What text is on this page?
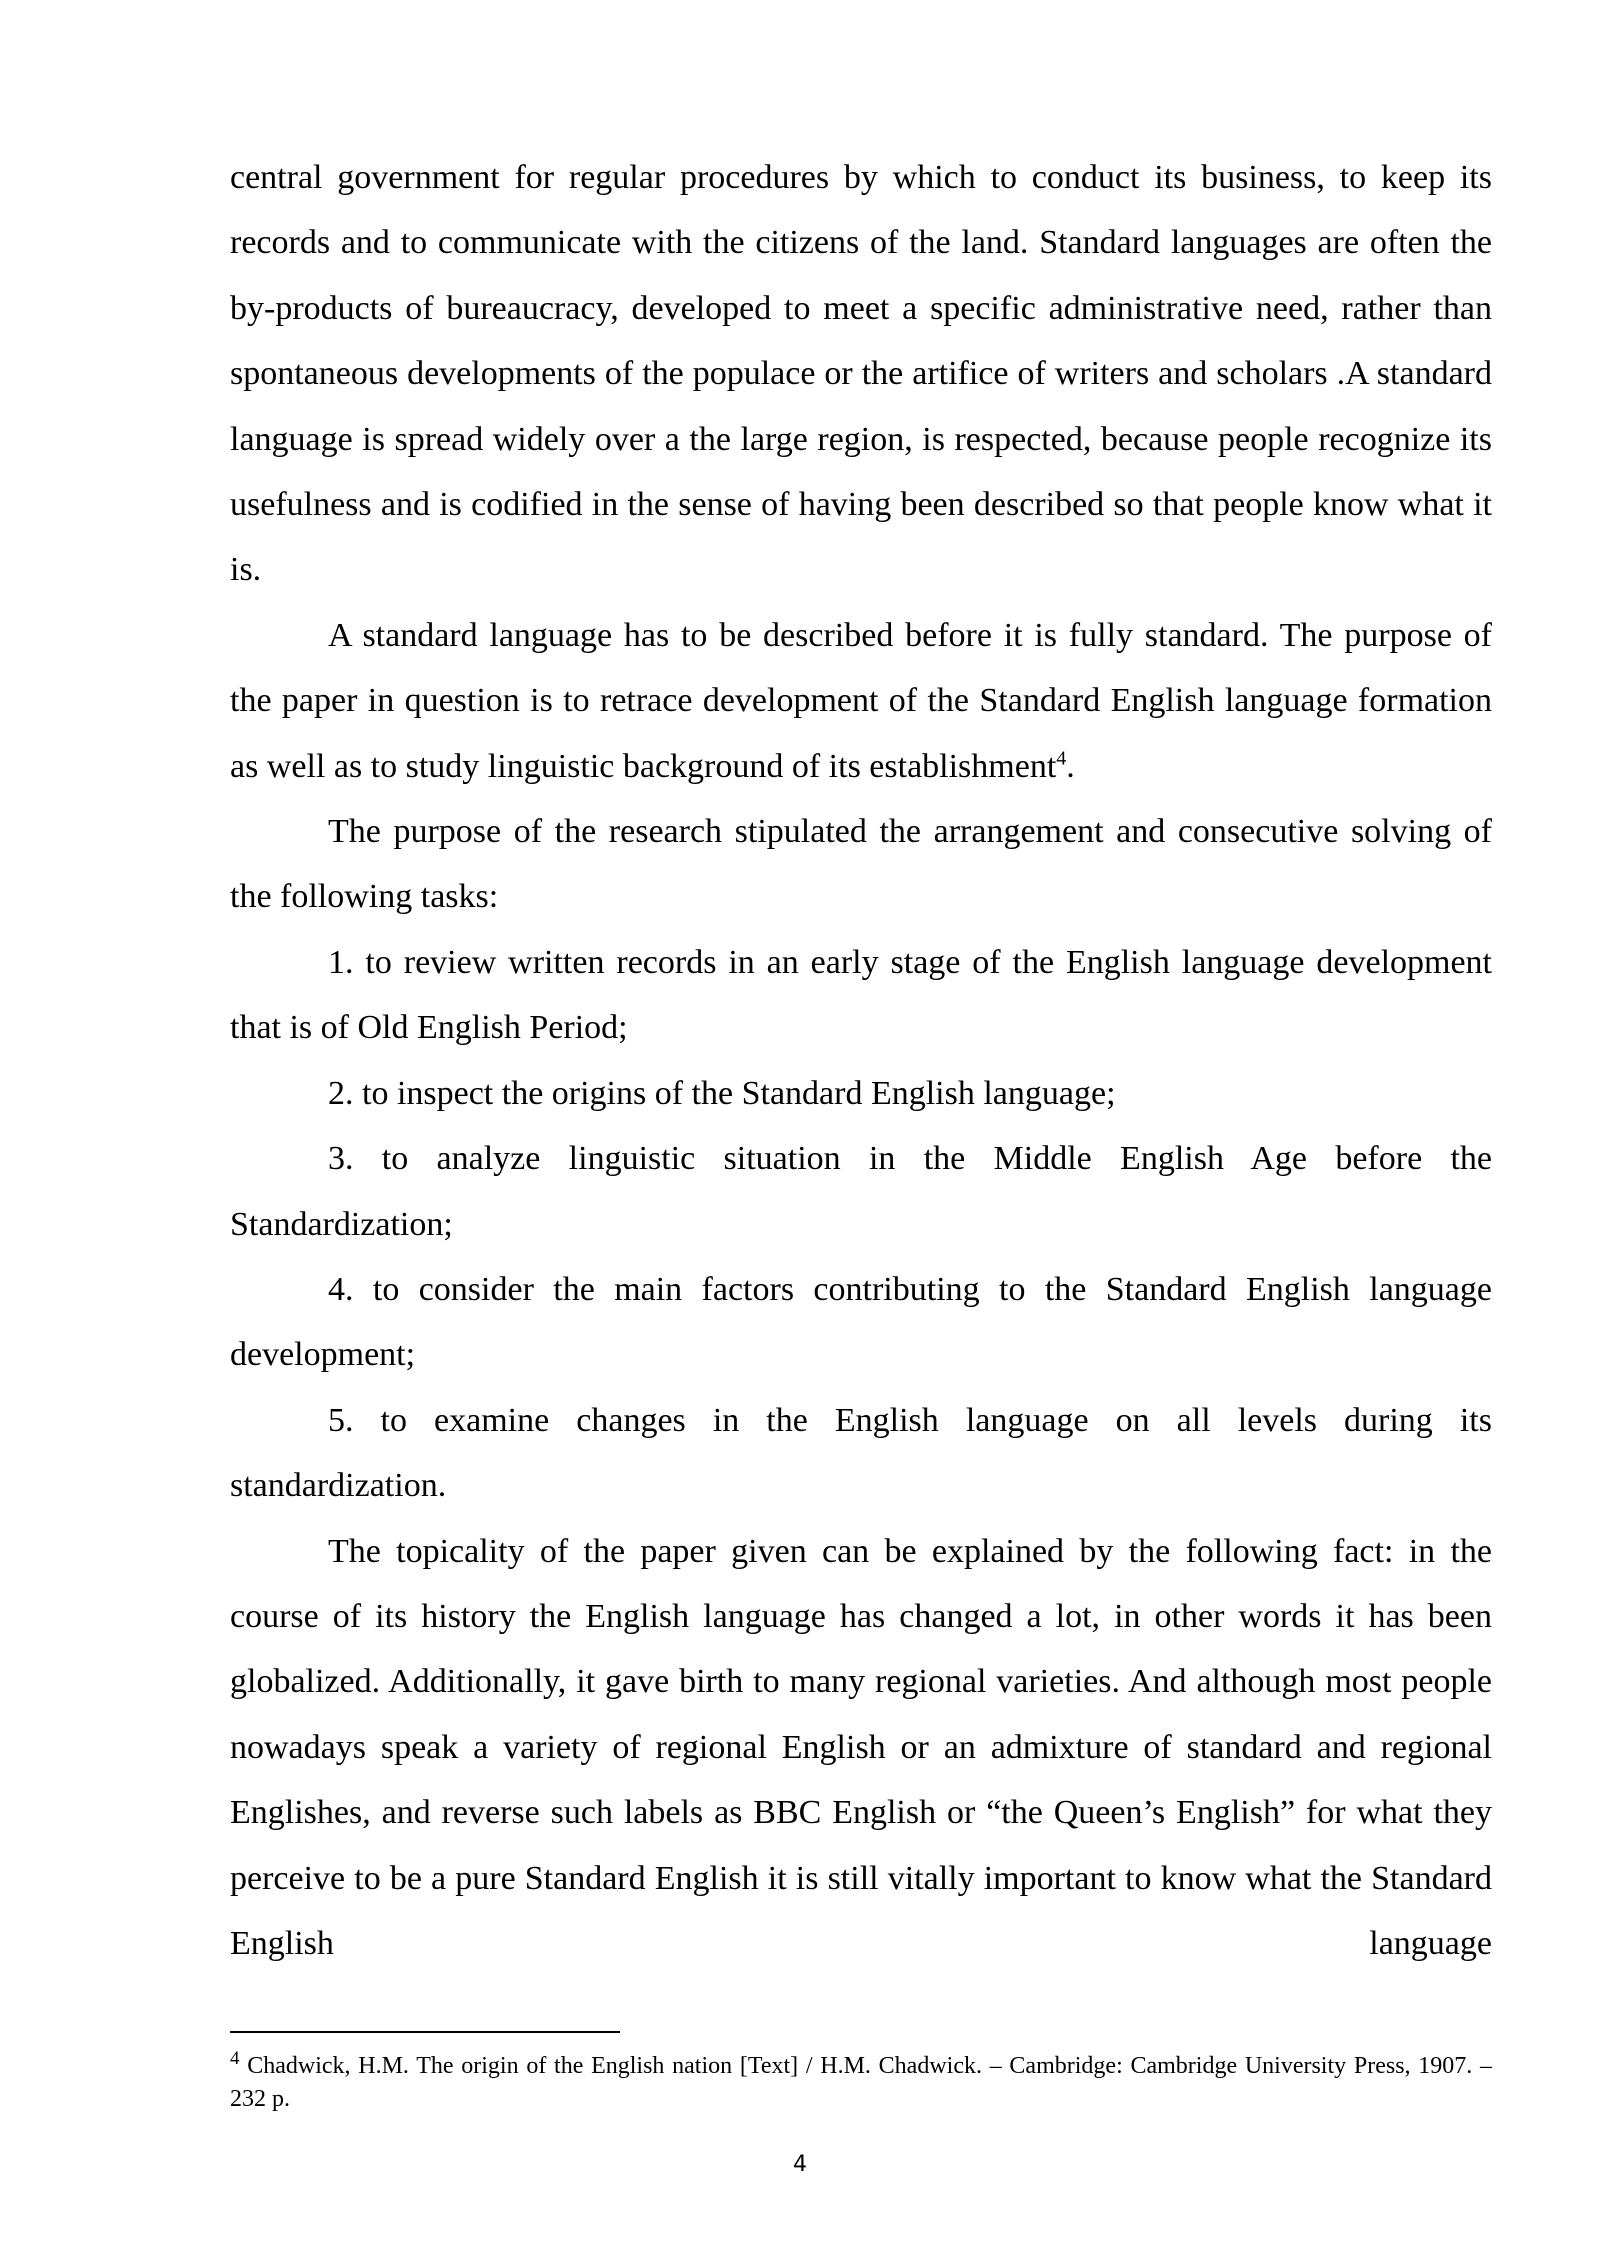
central government for regular procedures by which to conduct its business, to keep its records and to communicate with the citizens of the land. Standard languages are often the by-products of bureaucracy, developed to meet a specific administrative need, rather than spontaneous developments of the populace or the artifice of writers and scholars .A standard language is spread widely over a the large region, is respected, because people recognize its usefulness and is codified in the sense of having been described so that people know what it is.

A standard language has to be described before it is fully standard. The purpose of the paper in question is to retrace development of the Standard English language formation as well as to study linguistic background of its establishment$^4$.

The purpose of the research stipulated the arrangement and consecutive solving of the following tasks:

1. to review written records in an early stage of the English language development that is of Old English Period;

2. to inspect the origins of the Standard English language;

3. to analyze linguistic situation in the Middle English Age before the Standardization;

4. to consider the main factors contributing to the Standard English language development;

5. to examine changes in the English language on all levels during its standardization.

The topicality of the paper given can be explained by the following fact: in the course of its history the English language has changed a lot, in other words it has been globalized. Additionally, it gave birth to many regional varieties. And although most people nowadays speak a variety of regional English or an admixture of standard and regional Englishes, and reverse such labels as BBC English or “the Queen’s English” for what they perceive to be a pure Standard English it is still vitally important to know what the Standard English language

$^4$ Chadwick, H.M. The origin of the English nation [Text] / H.M. Chadwick. – Cambridge: Cambridge University Press, 1907. – 232 p.

4
